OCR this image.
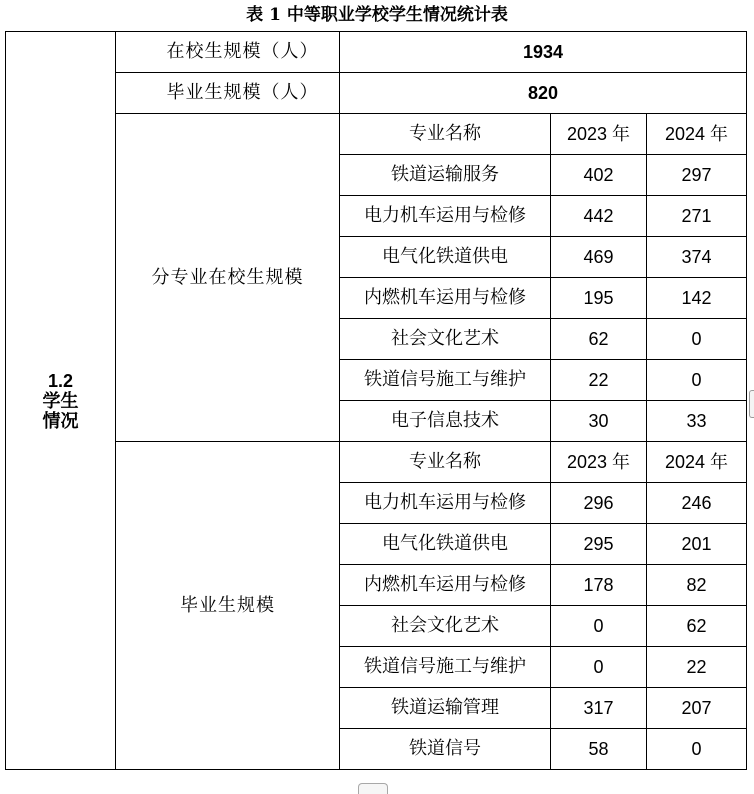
表 1 中等职业学校学生情况统计表
1.2
学生
情况	在校生规模（人）	1934		
	毕业生规模（人）	820		
	分专业在校生规模	专业名称	2023 年	2024 年
		铁道运输服务	402	297
		电力机车运用与检修	442	271
		电气化铁道供电	469	374
		内燃机车运用与检修	195	142
		社会文化艺术	62	0
		铁道信号施工与维护	22	0
		电子信息技术	30	33
	毕业生规模	专业名称	2023 年	2024 年
		电力机车运用与检修	296	246
		电气化铁道供电	295	201
		内燃机车运用与检修	178	82
		社会文化艺术	0	62
		铁道信号施工与维护	0	22
		铁道运输管理	317	207
		铁道信号	58	0
